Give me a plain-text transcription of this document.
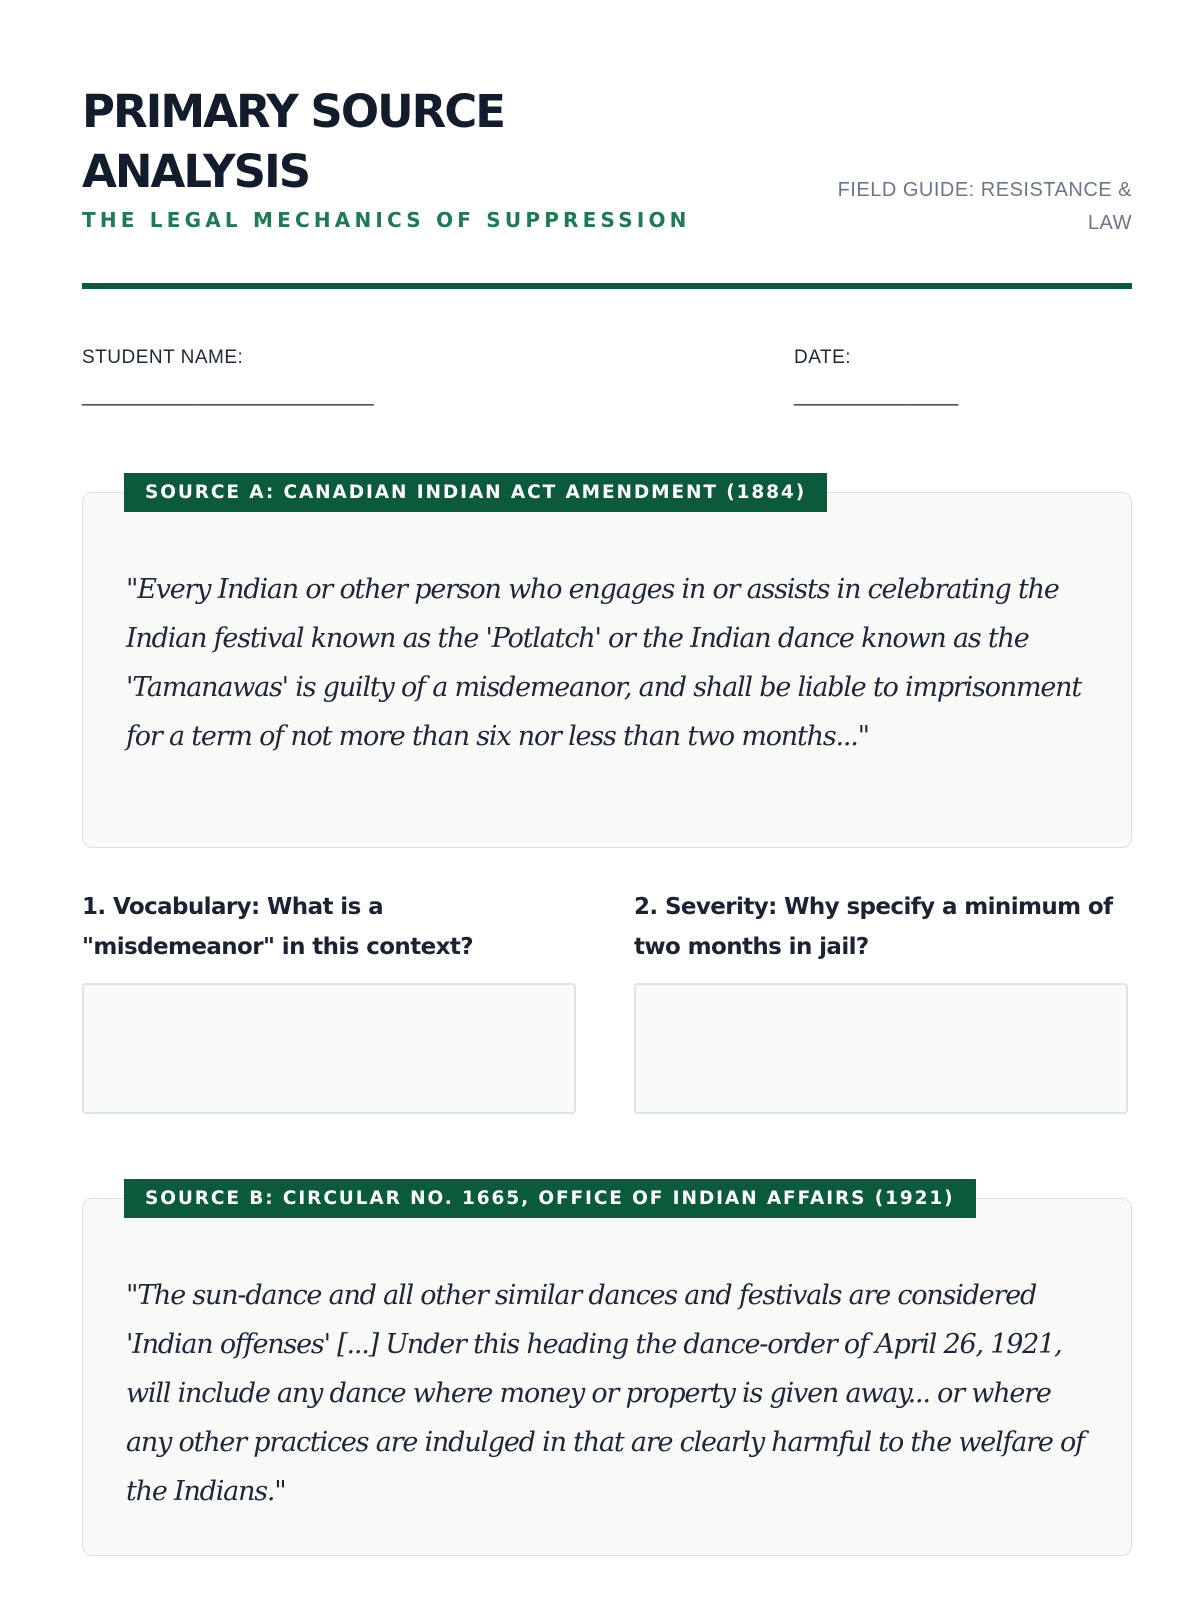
PRIMARY SOURCE ANALYSIS
THE LEGAL MECHANICS OF SUPPRESSION
FIELD GUIDE: RESISTANCE & LAW
STUDENT NAME:
________________________________
DATE:
__________________
SOURCE A: CANADIAN INDIAN ACT AMENDMENT (1884)

"Every Indian or other person who engages in or assists in celebrating the Indian festival known as the 'Potlatch' or the Indian dance known as the 'Tamanawas' is guilty of a misdemeanor, and shall be liable to imprisonment for a term of not more than six nor less than two months..."

1. Vocabulary: What is a "misdemeanor" in this context?

2. Severity: Why specify a minimum of two months in jail?

SOURCE B: CIRCULAR NO. 1665, OFFICE OF INDIAN AFFAIRS (1921)

"The sun-dance and all other similar dances and festivals are considered 'Indian offenses' [...] Under this heading the dance-order of April 26, 1921, will include any dance where money or property is given away... or where any other practices are indulged in that are clearly harmful to the welfare of the Indians."
